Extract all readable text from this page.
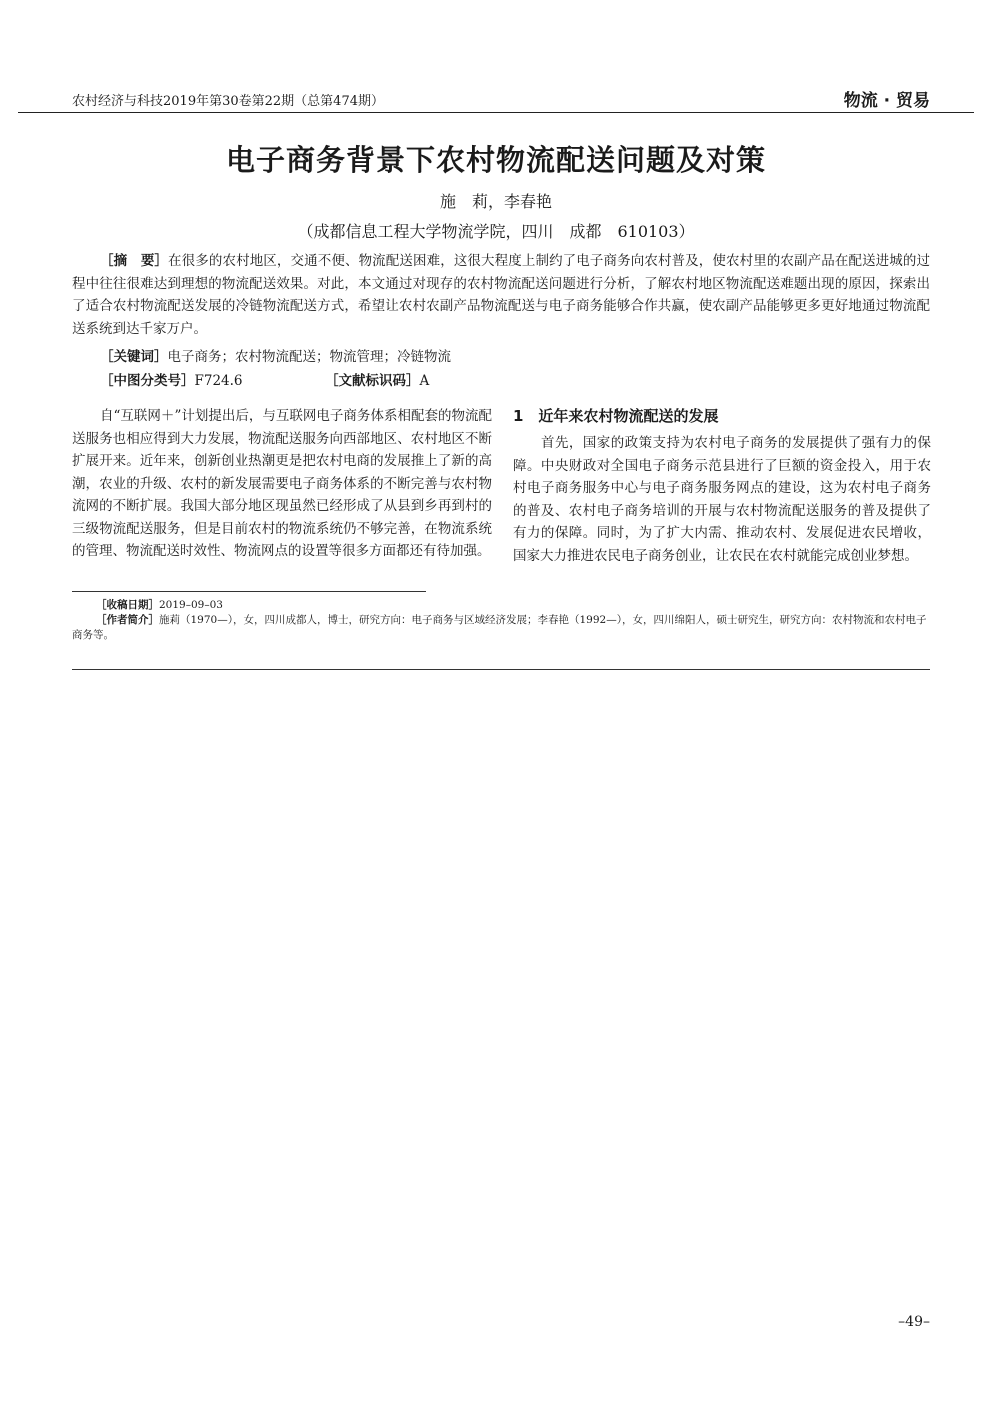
农村经济与科技2019年第30卷第22期（总第474期）	物流 · 贸易
电子商务背景下农村物流配送问题及对策
施　莉，李春艳
（成都信息工程大学物流学院，四川　成都　610103）
［摘　要］在很多的农村地区，交通不便、物流配送困难，这很大程度上制约了电子商务向农村普及，使农村里的农副产品在配送进城的过程中往往很难达到理想的物流配送效果。对此，本文通过对现存的农村物流配送问题进行分析，了解农村地区物流配送难题出现的原因，探索出了适合农村物流配送发展的冷链物流配送方式，希望让农村农副产品物流配送与电子商务能够合作共赢，使农副产品能够更多更好地通过物流配送系统到达千家万户。
［关键词］电子商务；农村物流配送；物流管理；冷链物流
［中图分类号］F724.6	［文献标识码］A
自“互联网＋”计划提出后，与互联网电子商务体系相配套的物流配送服务也相应得到大力发展，物流配送服务向西部地区、农村地区不断扩展开来。近年来，创新创业热潮更是把农村电商的发展推上了新的高潮，农业的升级、农村的新发展需要电子商务体系的不断完善与农村物流网的不断扩展。我国大部分地区现虽然已经形成了从县到乡再到村的三级物流配送服务，但是目前农村的物流系统仍不够完善，在物流系统的管理、物流配送时效性、物流网点的设置等很多方面都还有待加强。
1　近年来农村物流配送的发展
首先，国家的政策支持为农村电子商务的发展提供了强有力的保障。中央财政对全国电子商务示范县进行了巨额的资金投入，用于农村电子商务服务中心与电子商务服务网点的建设，这为农村电子商务的普及、农村电子商务培训的开展与农村物流配送服务的普及提供了有力的保障。同时，为了扩大内需、推动农村、发展促进农民增收，国家大力推进农民电子商务创业，让农民在农村就能完成创业梦想。
［收稿日期］2019–09–03
［作者简介］施莉（1970—），女，四川成都人，博士，研究方向：电子商务与区域经济发展；李春艳（1992—），女，四川绵阳人，硕士研究生，研究方向：农村物流和农村电子商务等。
–49–
